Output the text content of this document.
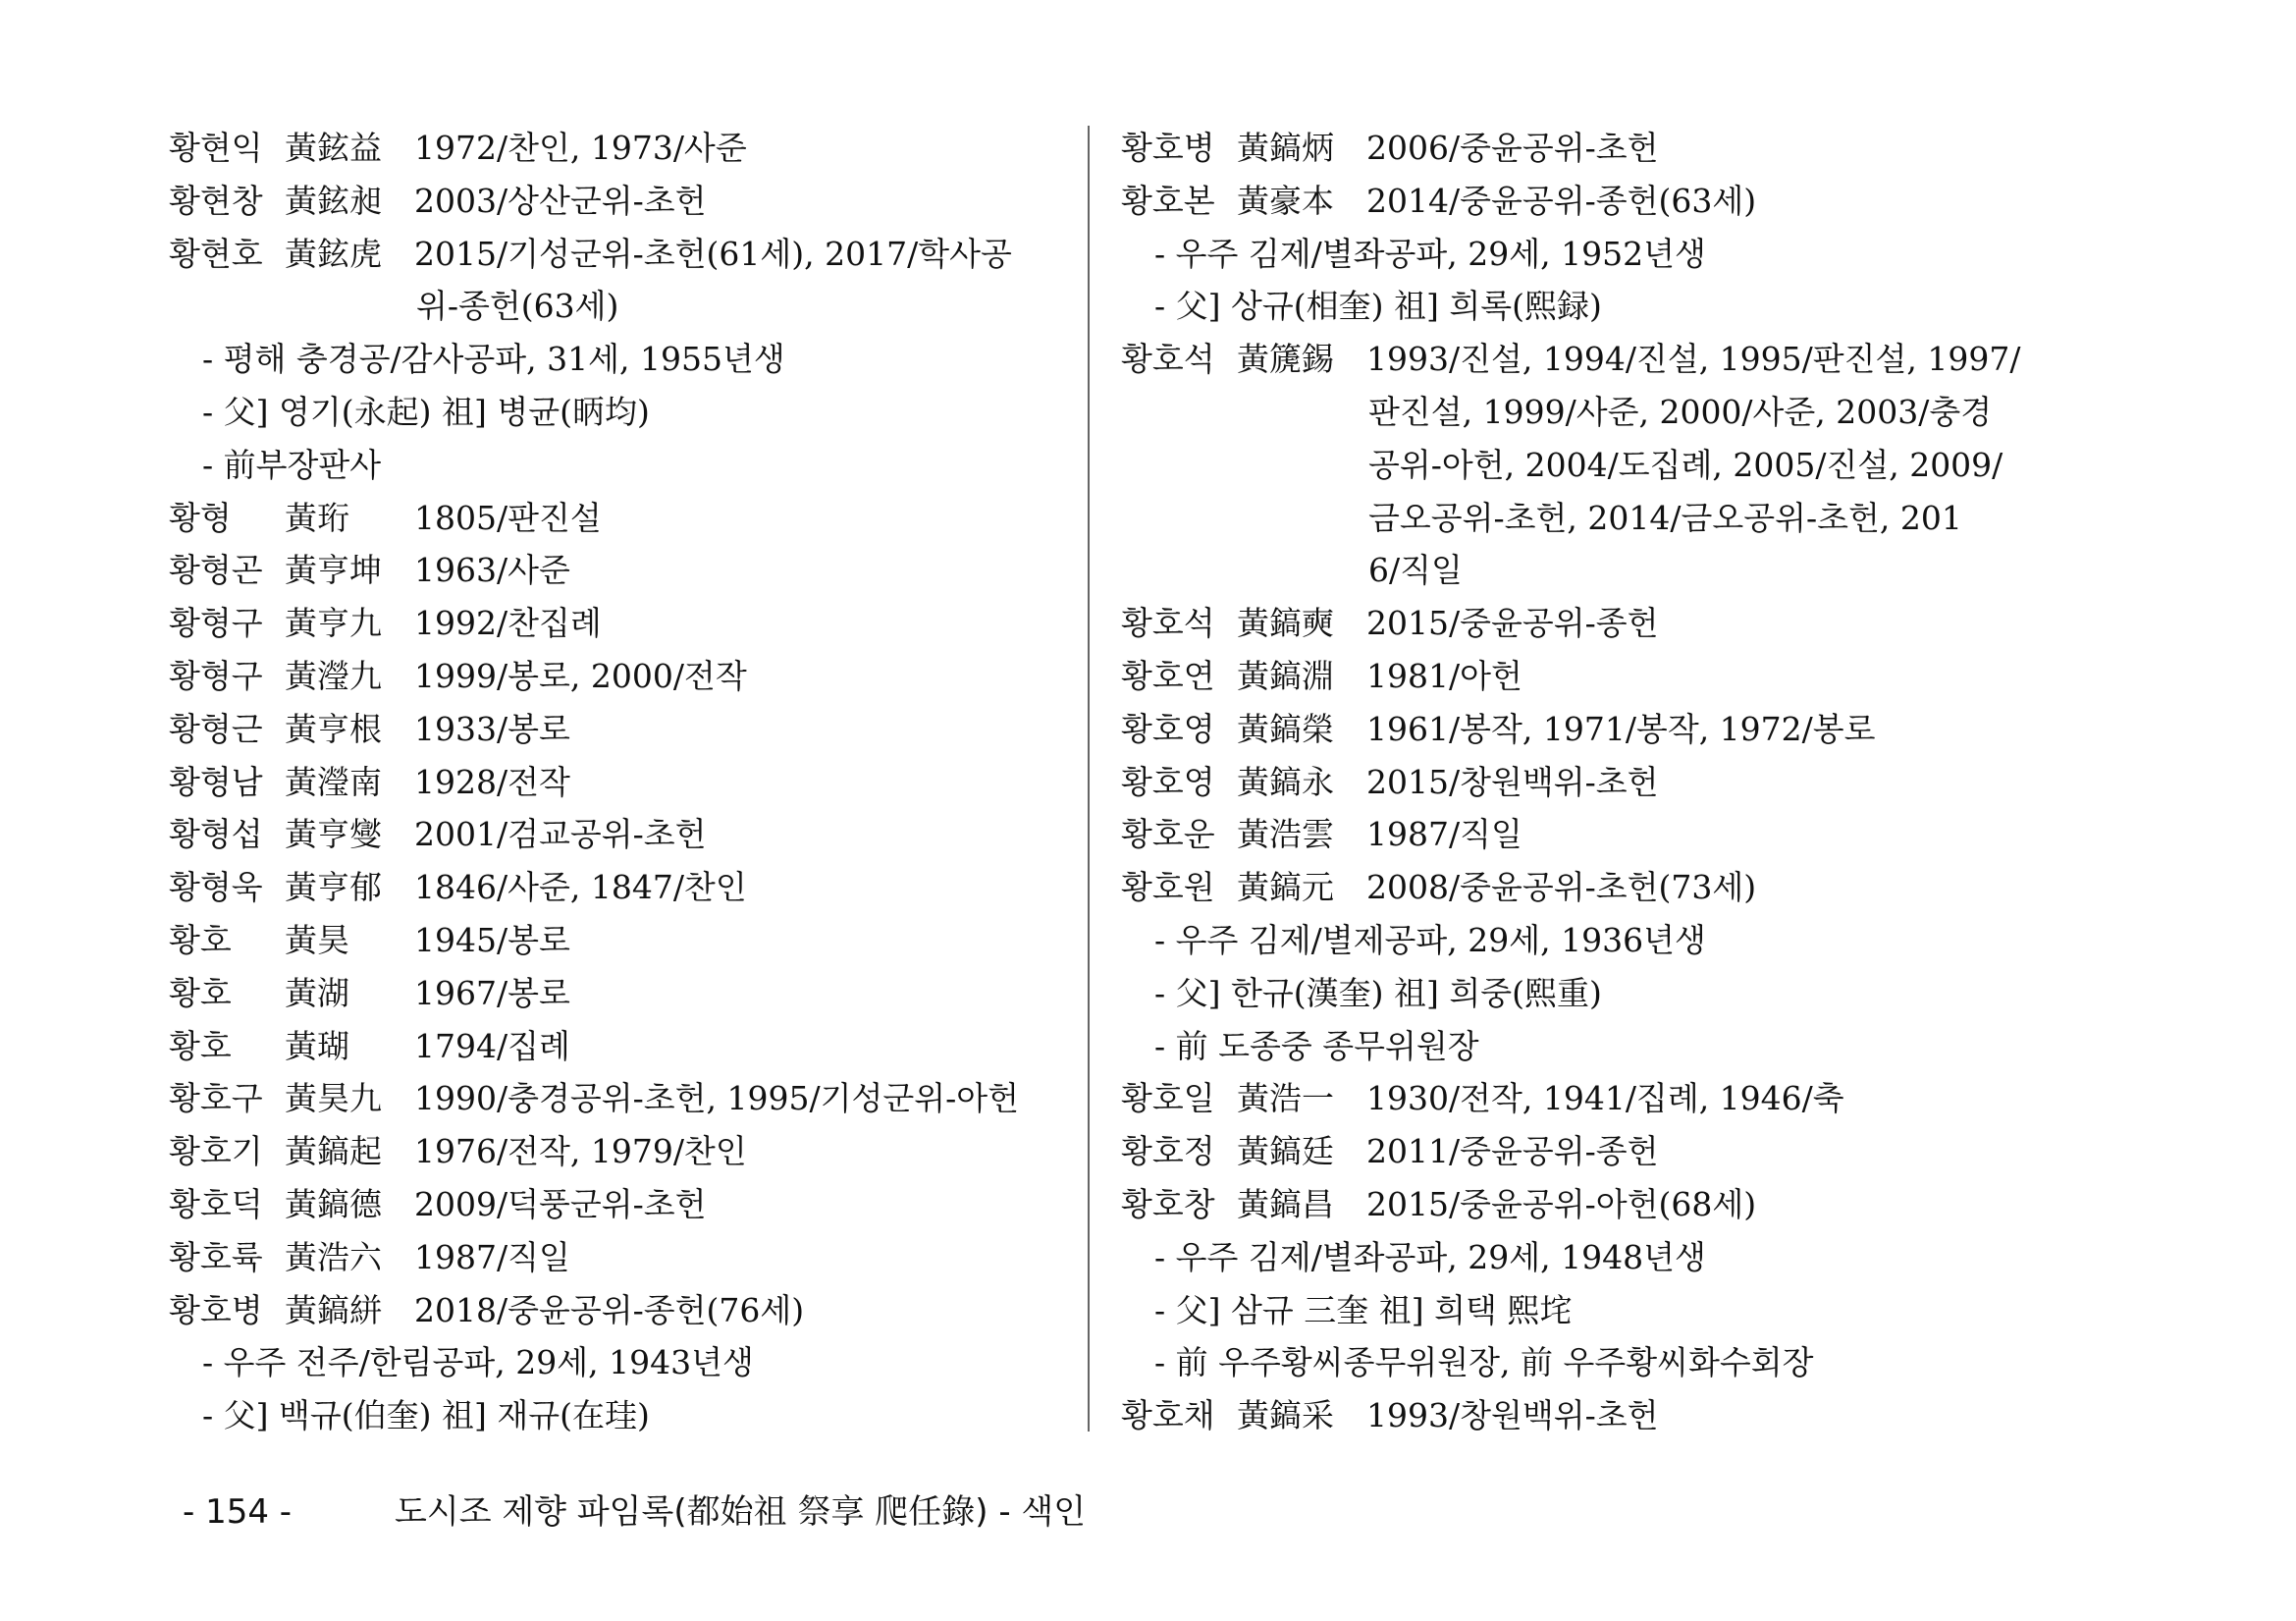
황현익 黃鉉益 1972/찬인, 1973/사준
황현창 黃鉉昶 2003/상산군위-초헌
황현호 黃鉉虎 2015/기성군위-초헌(61세), 2017/학사공
위-종헌(63세)
- 평해 충경공/감사공파, 31세, 1955년생
- 父] 영기(永起) 祖] 병균(昞均)
- 前부장판사
황형 黃珩 1805/판진설
황형곤 黃亨坤 1963/사준
황형구 黃亨九 1992/찬집례
황형구 黃瀅九 1999/봉로, 2000/전작
황형근 黃亨根 1933/봉로
황형남 黃瀅南 1928/전작
황형섭 黃亨燮 2001/검교공위-초헌
황형욱 黃亨郁 1846/사준, 1847/찬인
황호 黃昊 1945/봉로
황호 黃湖 1967/봉로
황호 黃瑚 1794/집례
황호구 黃昊九 1990/충경공위-초헌, 1995/기성군위-아헌
황호기 黃鎬起 1976/전작, 1979/찬인
황호덕 黃鎬德 2009/덕풍군위-초헌
황호륙 黃浩六 1987/직일
황호병 黃鎬絣 2018/중윤공위-종헌(76세)
- 우주 전주/한림공파, 29세, 1943년생
- 父] 백규(伯奎) 祖] 재규(在珪)
황호병 黃鎬炳 2006/중윤공위-초헌
황호본 黃豪本 2014/중윤공위-종헌(63세)
- 우주 김제/별좌공파, 29세, 1952년생
- 父] 상규(相奎) 祖] 희록(熙録)
황호석 黃篪錫 1993/진설, 1994/진설, 1995/판진설, 1997/
판진설, 1999/사준, 2000/사준, 2003/충경
공위-아헌, 2004/도집례, 2005/진설, 2009/
금오공위-초헌, 2014/금오공위-초헌, 201
6/직일
황호석 黃鎬奭 2015/중윤공위-종헌
황호연 黃鎬淵 1981/아헌
황호영 黃鎬榮 1961/봉작, 1971/봉작, 1972/봉로
황호영 黃鎬永 2015/창원백위-초헌
황호운 黃浩雲 1987/직일
황호원 黃鎬元 2008/중윤공위-초헌(73세)
- 우주 김제/별제공파, 29세, 1936년생
- 父] 한규(漢奎) 祖] 희중(熙重)
- 前 도종중 종무위원장
황호일 黃浩一 1930/전작, 1941/집례, 1946/축
황호정 黃鎬廷 2011/중윤공위-종헌
황호창 黃鎬昌 2015/중윤공위-아헌(68세)
- 우주 김제/별좌공파, 29세, 1948년생
- 父] 삼규 三奎 祖] 희택 熙垞
- 前 우주황씨종무위원장, 前 우주황씨화수회장
황호채 黃鎬采 1993/창원백위-초헌
- 154 -	도시조 제향 파임록(都始祖 祭享 爬任錄) - 색인
